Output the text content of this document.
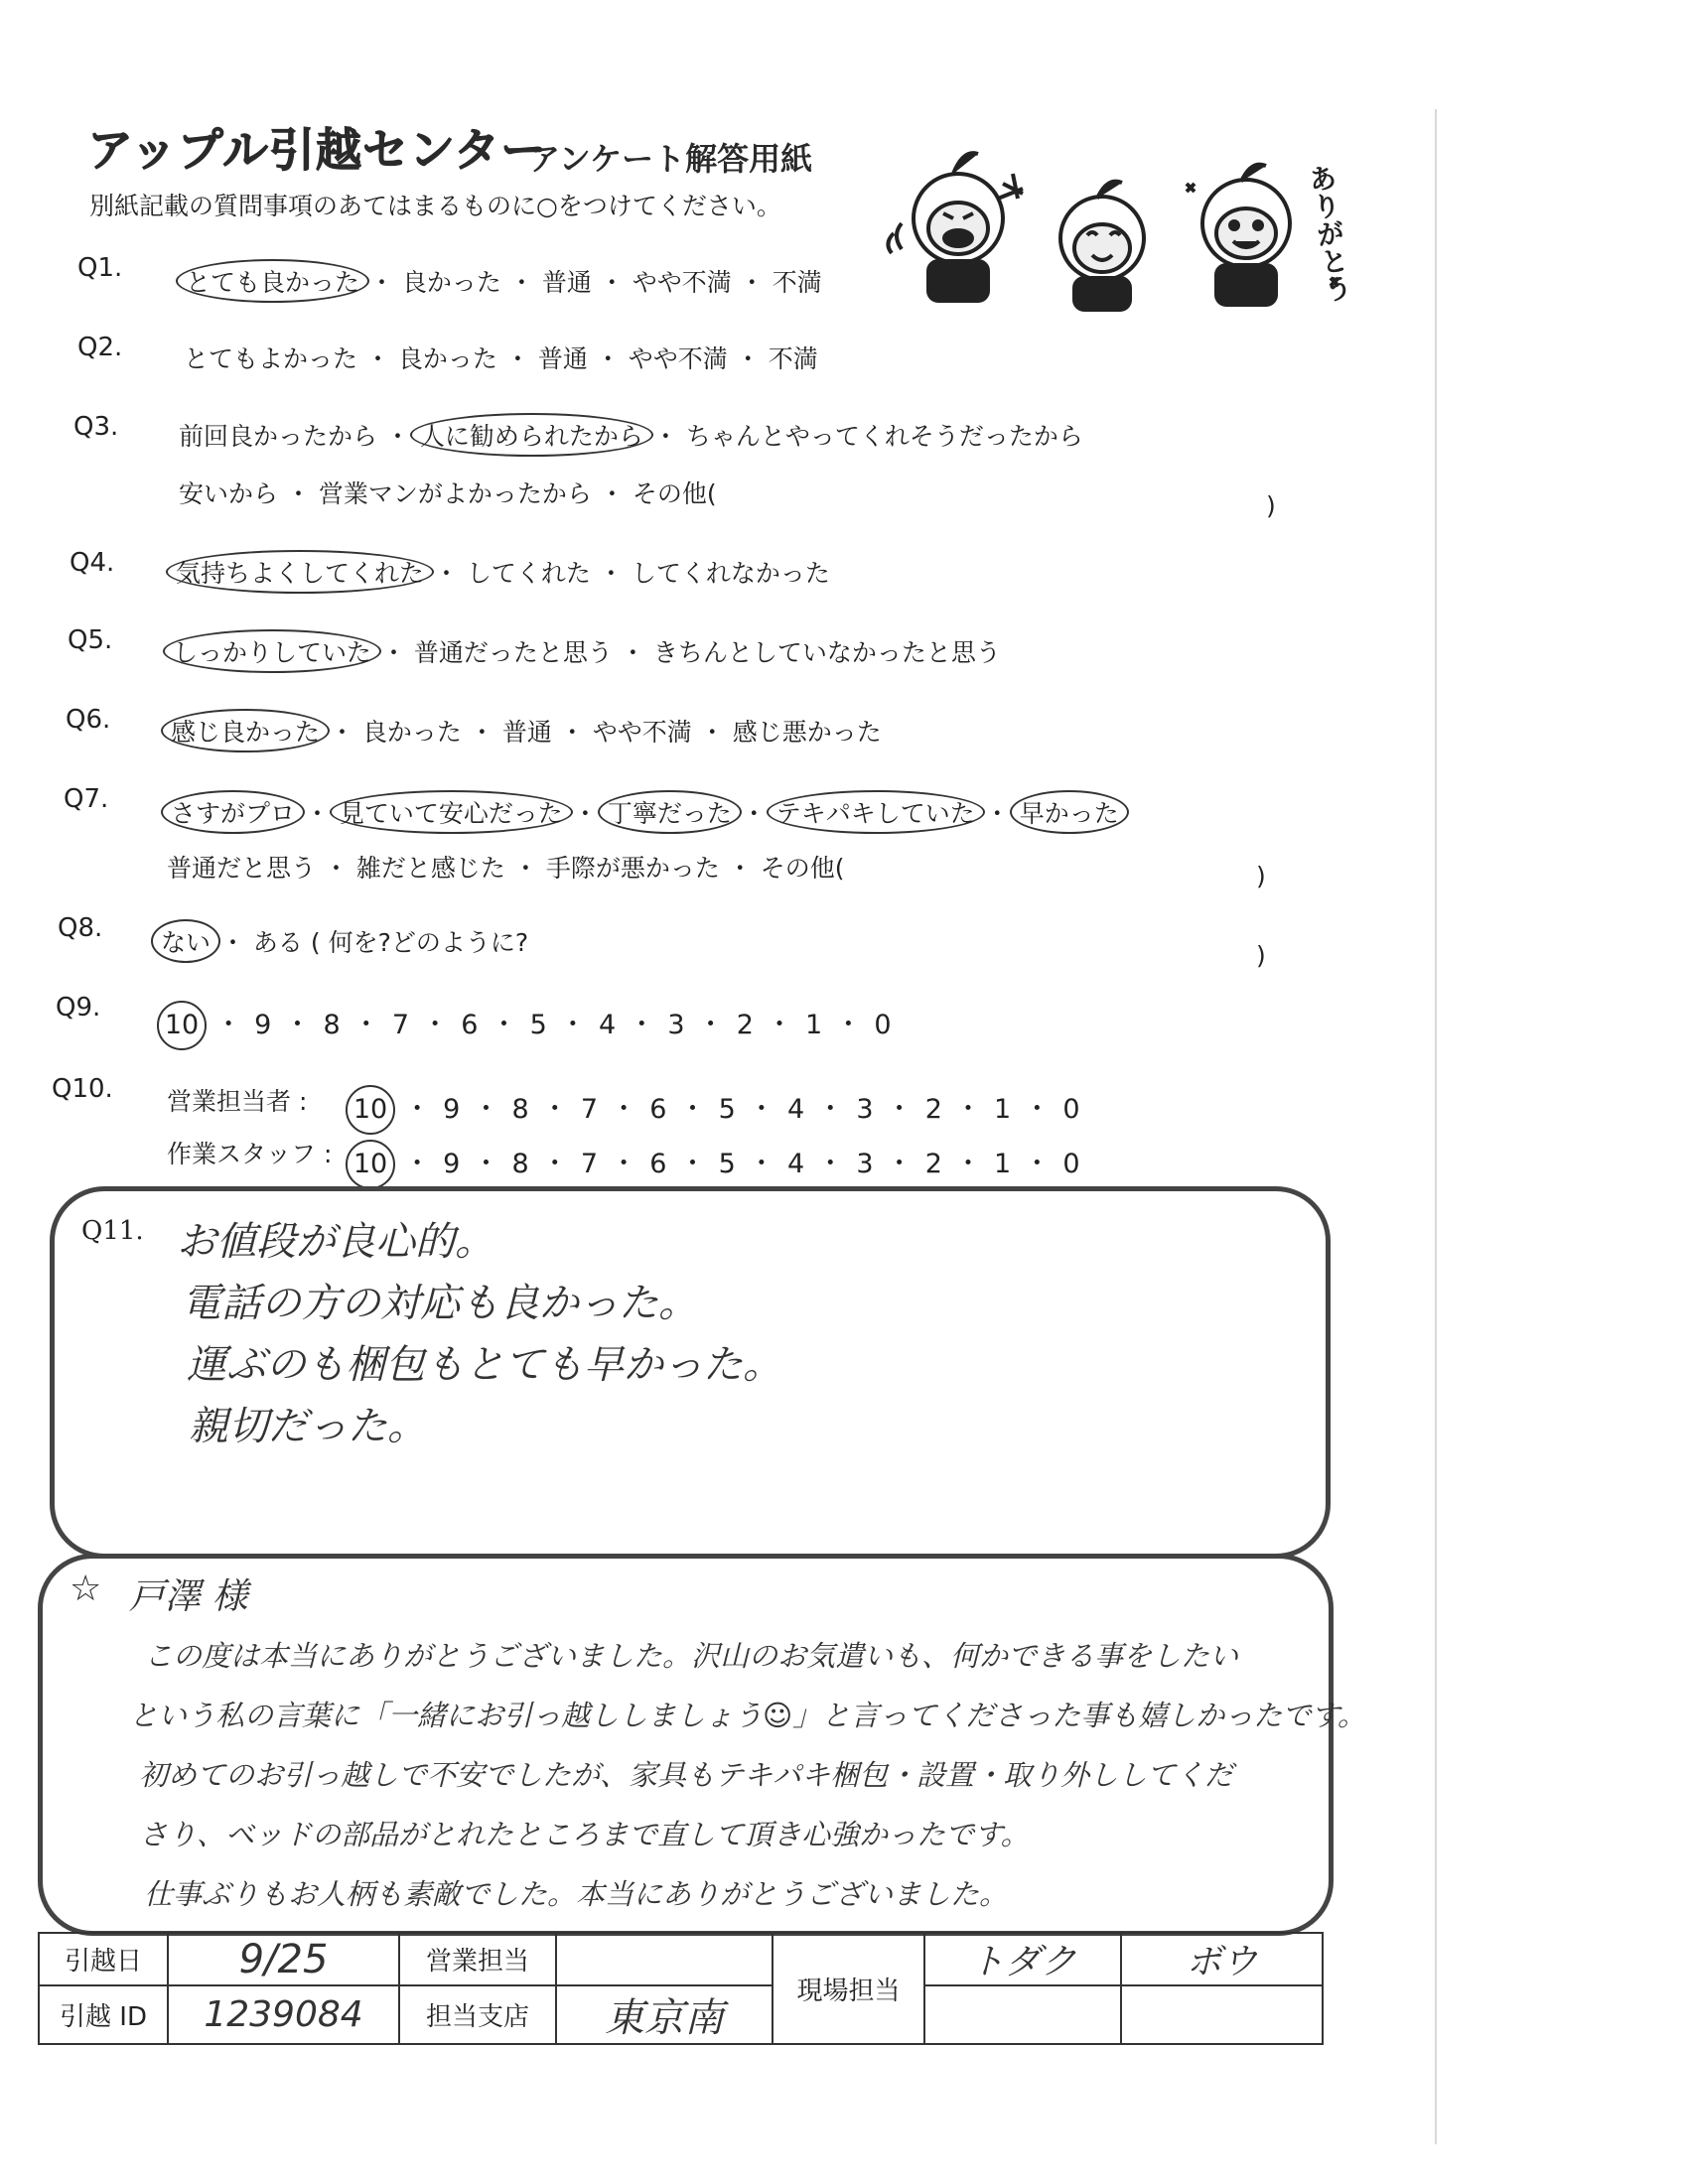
アップル引越センター
アンケート解答用紙
別紙記載の質問事項のあてはまるものに○をつけてください。	ありがとう
Q1.	とても良かった ・ 良かった ・ 普通 ・ やや不満 ・ 不満
Q2. とてもよかった ・ 良かった ・ 普通 ・ やや不満 ・ 不満
Q3. 前回良かったから ・ 人に勧められたから ・ ちゃんとやってくれそうだったから
安いから ・ 営業マンがよかったから ・ その他(	)
Q4. 気持ちよくしてくれた ・ してくれた ・ してくれなかった
Q5. しっかりしていた ・ 普通だったと思う ・ きちんとしていなかったと思う
Q6. 感じ良かった ・ 良かった ・ 普通 ・ やや不満 ・ 感じ悪かった
Q7.	さすがプロ ・ 見ていて安心だった ・ 丁寧だった ・ テキパキしていた ・ 早かった
普通だと思う ・ 雑だと感じた ・ 手際が悪かった ・ その他(	)
Q8. ない ・ ある ( 何を?どのように?	)
Q9.
10 ・ 9 ・ 8 ・ 7 ・ 6 ・ 5 ・ 4 ・ 3 ・ 2 ・ 1 ・ 0
Q10. 営業担当者 : 10 ・ 9 ・ 8 ・ 7 ・ 6 ・ 5 ・ 4 ・ 3 ・ 2 ・ 1 ・ 0
作業スタッフ : 10 ・ 9 ・ 8 ・ 7 ・ 6 ・ 5 ・ 4 ・ 3 ・ 2 ・ 1 ・ 0
Q11. お値段が良心的。
電話の方の対応も良かった。
運ぶのも梱包もとても早かった。
親切だった。
☆ 戸澤 様
この度は本当にありがとうございました。沢山のお気遣いも、何かできる事をしたい
という私の言葉に「一緒にお引っ越ししましょう☺」と言ってくださった事も嬉しかったです。
初めてのお引っ越しで不安でしたが、家具もテキパキ梱包・設置・取り外ししてくだ
さり、ベッドの部品がとれたところまで直して頂き心強かったです。
仕事ぶりもお人柄も素敵でした。本当にありがとうございました。
引越日	9/25	営業担当		現場担当	トダク	ボウ
引越 ID	1239084	担当支店	東京南			
